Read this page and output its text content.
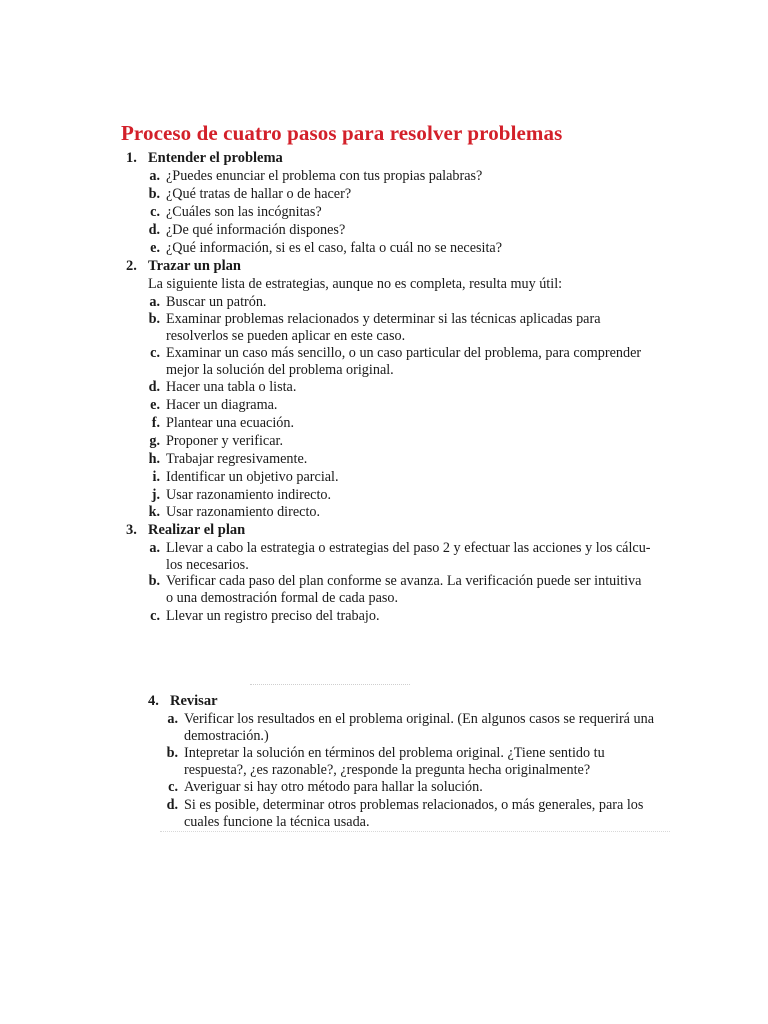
Proceso de cuatro pasos para resolver problemas
1. Entender el problema
a. ¿Puedes enunciar el problema con tus propias palabras?
b. ¿Qué tratas de hallar o de hacer?
c. ¿Cuáles son las incógnitas?
d. ¿De qué información dispones?
e. ¿Qué información, si es el caso, falta o cuál no se necesita?
2. Trazar un plan
La siguiente lista de estrategias, aunque no es completa, resulta muy útil:
a. Buscar un patrón.
b. Examinar problemas relacionados y determinar si las técnicas aplicadas para
resolverlos se pueden aplicar en este caso.
c. Examinar un caso más sencillo, o un caso particular del problema, para comprender
mejor la solución del problema original.
d. Hacer una tabla o lista.
e. Hacer un diagrama.
f. Plantear una ecuación.
g. Proponer y verificar.
h. Trabajar regresivamente.
i. Identificar un objetivo parcial.
j. Usar razonamiento indirecto.
k. Usar razonamiento directo.
3. Realizar el plan
a. Llevar a cabo la estrategia o estrategias del paso 2 y efectuar las acciones y los cálcu-
los necesarios.
b. Verificar cada paso del plan conforme se avanza. La verificación puede ser intuitiva
o una demostración formal de cada paso.
c. Llevar un registro preciso del trabajo.
4. Revisar
a. Verificar los resultados en el problema original. (En algunos casos se requerirá una
demostración.)
b. Intepretar la solución en términos del problema original. ¿Tiene sentido tu
respuesta?, ¿es razonable?, ¿responde la pregunta hecha originalmente?
c. Averiguar si hay otro método para hallar la solución.
d. Si es posible, determinar otros problemas relacionados, o más generales, para los
cuales funcione la técnica usada.
